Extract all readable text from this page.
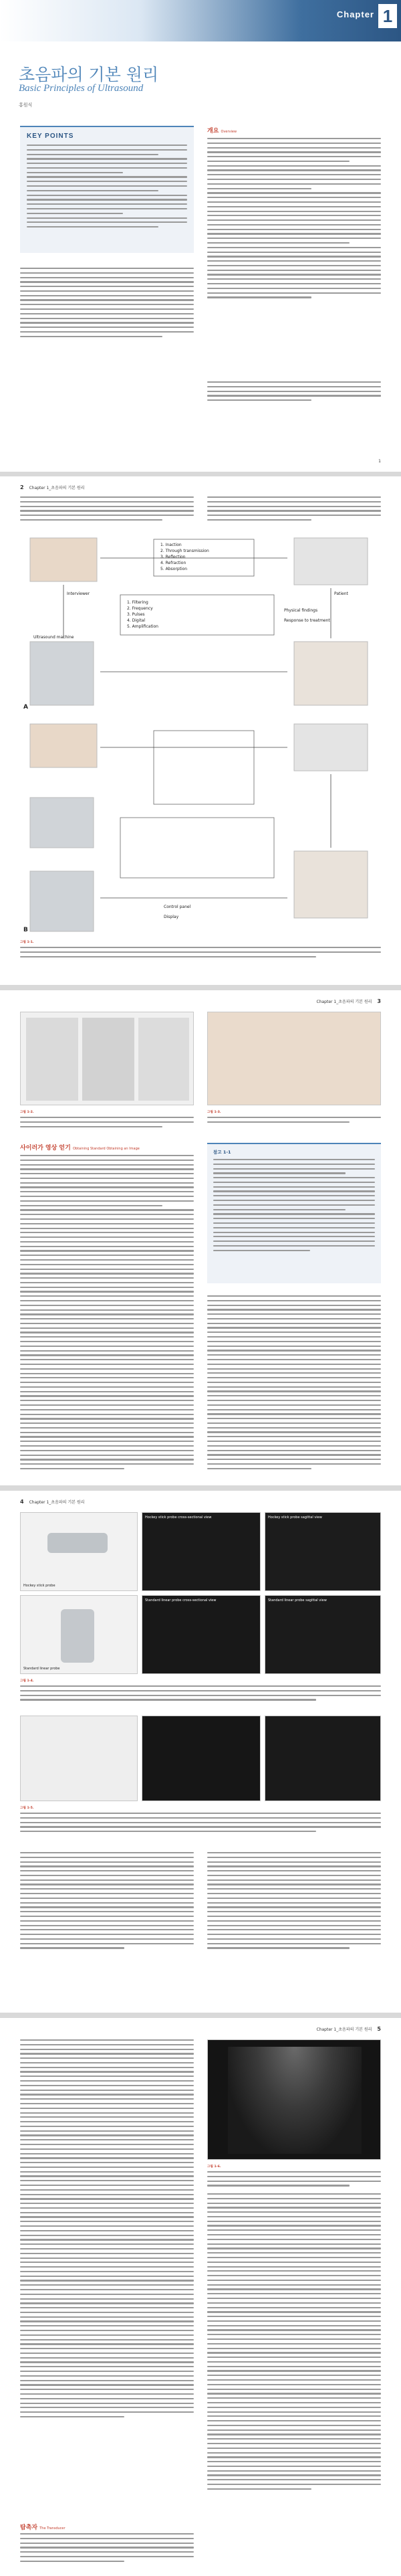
Chapter 1
초음파의 기본 원리
Basic Principles of Ultrasound
홍원식
KEY POINTS
개요 Overview
1
2 Chapter 1_초음파의 기본 원리
1. Inaction
2. Through transmission
3. Reflection
4. Refraction
5. Absorption
1. Filtering
2. Frequency
3. Pulses
4. Digital
5. Amplification
Interviewer	Patient
Ultrasound machine
Physical findings
Response to treatment
A
Control panel
Display
B
그림 1-1.
Chapter 1_초음파의 기본 원리 3
그림 1-2.	그림 1-3.
사이러가 영상 얻기 Obtaining Standard Obtaining an Image
참고 1-1
4 Chapter 1_초음파의 기본 원리
Hockey stick probe
Hockey stick probe cross-sectional view	Hockey stick probe sagittal view
Standard linear probe
Standard linear probe cross-sectional view	Standard linear probe sagittal view
그림 1-4.
그림 1-5.
Chapter 1_초음파의 기본 원리 5
탐촉자 The Transducer
그림 1-6.
